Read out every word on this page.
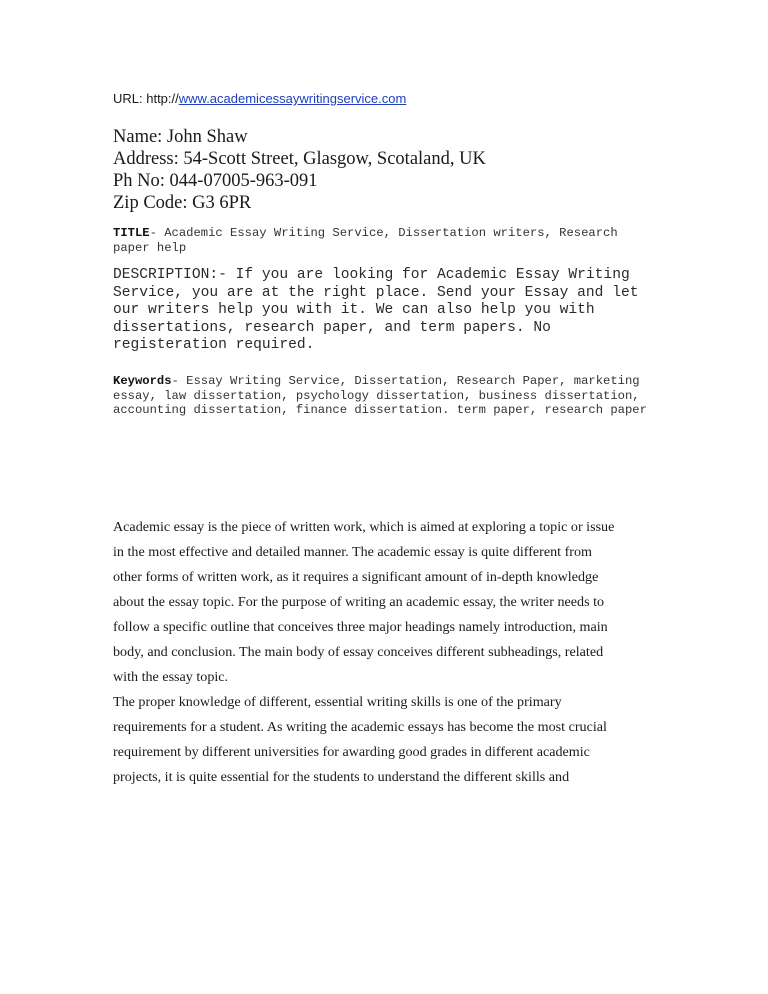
URL: http://www.academicessaywritingservice.com
Name: John Shaw
Address: 54-Scott Street, Glasgow, Scotaland, UK
Ph No: 044-07005-963-091
Zip Code: G3 6PR
TITLE- Academic Essay Writing Service, Dissertation writers, Research paper help
DESCRIPTION:- If you are looking for Academic Essay Writing Service, you are at the right place. Send your Essay and let our writers help you with it. We can also help you with dissertations, research paper, and term papers. No registeration required.
Keywords- Essay Writing Service, Dissertation, Research Paper, marketing essay, law dissertation, psychology dissertation, business dissertation, accounting dissertation, finance dissertation. term paper, research paper
Academic essay is the piece of written work, which is aimed at exploring a topic or issue
in the most effective and detailed manner. The academic essay is quite different from
other forms of written work, as it requires a significant amount of in-depth knowledge
about the essay topic. For the purpose of writing an academic essay, the writer needs to
follow a specific outline that conceives three major headings namely introduction, main
body, and conclusion. The main body of essay conceives different subheadings, related
with the essay topic.
The proper knowledge of different, essential writing skills is one of the primary
requirements for a student. As writing the academic essays has become the most crucial
requirement by different universities for awarding good grades in different academic
projects, it is quite essential for the students to understand the different skills and
